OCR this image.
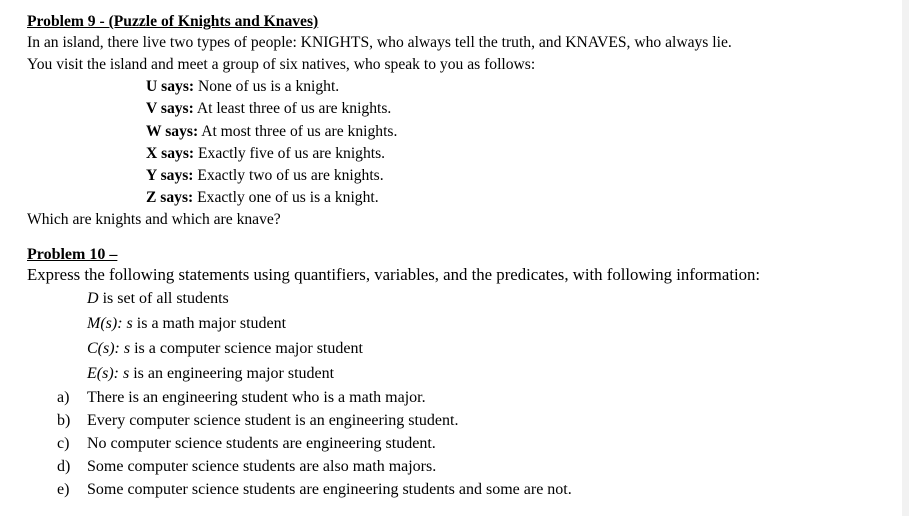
Problem 9 - (Puzzle of Knights and Knaves)
In an island, there live two types of people: KNIGHTS, who always tell the truth, and KNAVES, who always lie.
You visit the island and meet a group of six natives, who speak to you as follows:
U says: None of us is a knight.
V says: At least three of us are knights.
W says: At most three of us are knights.
X says: Exactly five of us are knights.
Y says: Exactly two of us are knights.
Z says: Exactly one of us is a knight.
Which are knights and which are knave?
Problem 10 –
Express the following statements using quantifiers, variables, and the predicates, with following information:
D is set of all students
M(s): s is a math major student
C(s): s is a computer science major student
E(s): s is an engineering major student
a) There is an engineering student who is a math major.
b) Every computer science student is an engineering student.
c) No computer science students are engineering student.
d) Some computer science students are also math majors.
e) Some computer science students are engineering students and some are not.
